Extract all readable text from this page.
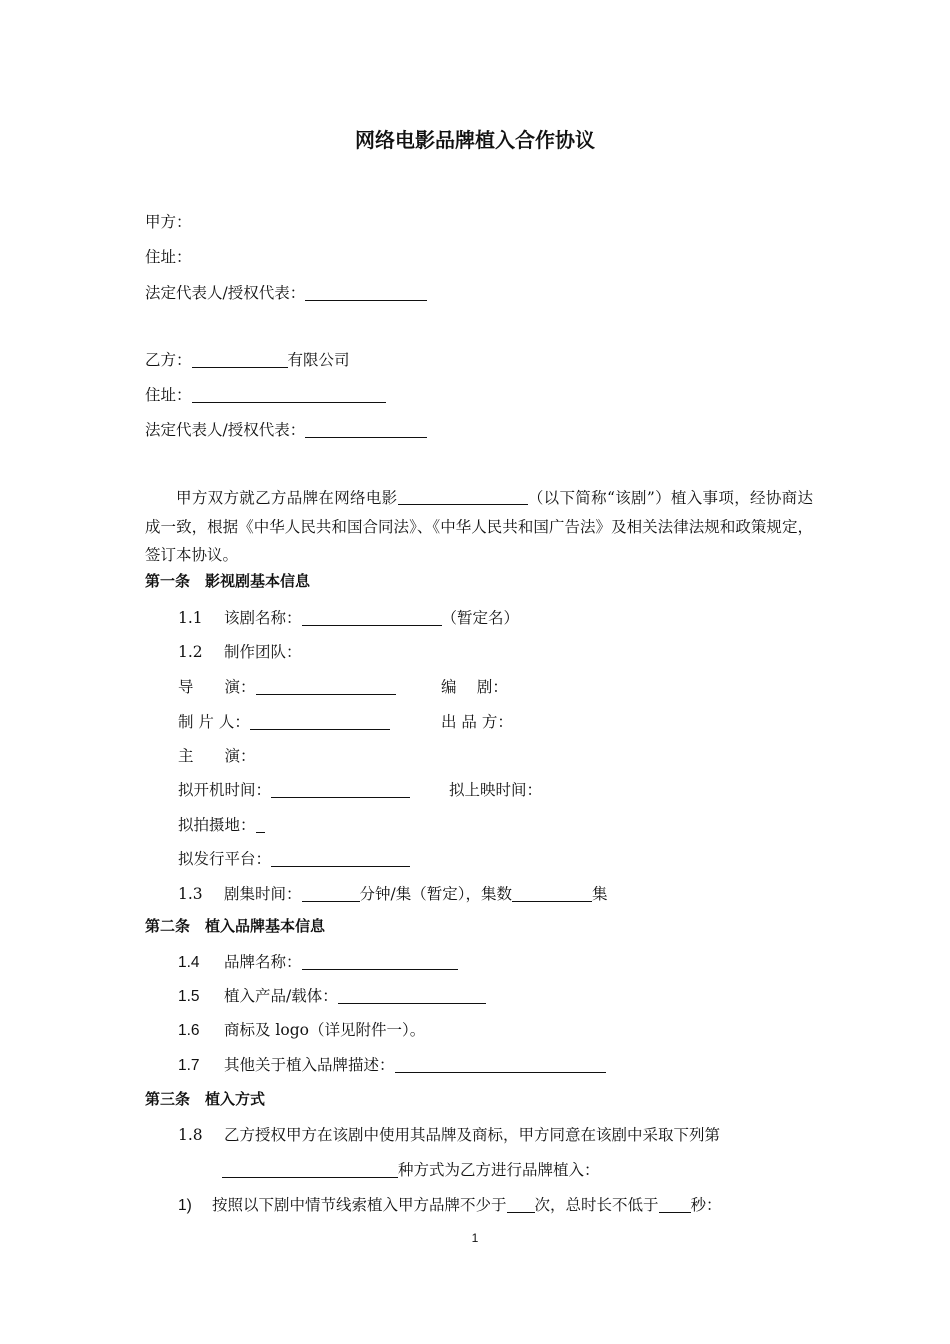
网络电影品牌植入合作协议
甲方：
住址：
法定代表人/授权代表：
乙方：	有限公司
住址：
法定代表人/授权代表：
甲方双方就乙方品牌在网络电影	（以下简称“该剧”）植入事项，经协商达成一致，根据《中华人民共和国合同法》、《中华人民共和国广告法》及相关法律法规和政策规定，签订本协议。
第一条　影视剧基本信息
1.1 该剧名称：	（暂定名）
1.2 制作团队：
导　　演：	编　 剧：
制 片 人：	出 品 方：
主　　演：
拟开机时间：	拟上映时间：
拟拍摄地：
拟发行平台：
1.3 剧集时间：	分钟/集（暂定），集数	集
第二条　植入品牌基本信息
1.4 品牌名称：
1.5 植入产品/载体：
1.6 商标及 logo（详见附件一）。
1.7 其他关于植入品牌描述：
第三条　植入方式
1.8 乙方授权甲方在该剧中使用其品牌及商标，甲方同意在该剧中采取下列第
种方式为乙方进行品牌植入：
1) 按照以下剧中情节线索植入甲方品牌不少于 次，总时长不低于 秒：
1
